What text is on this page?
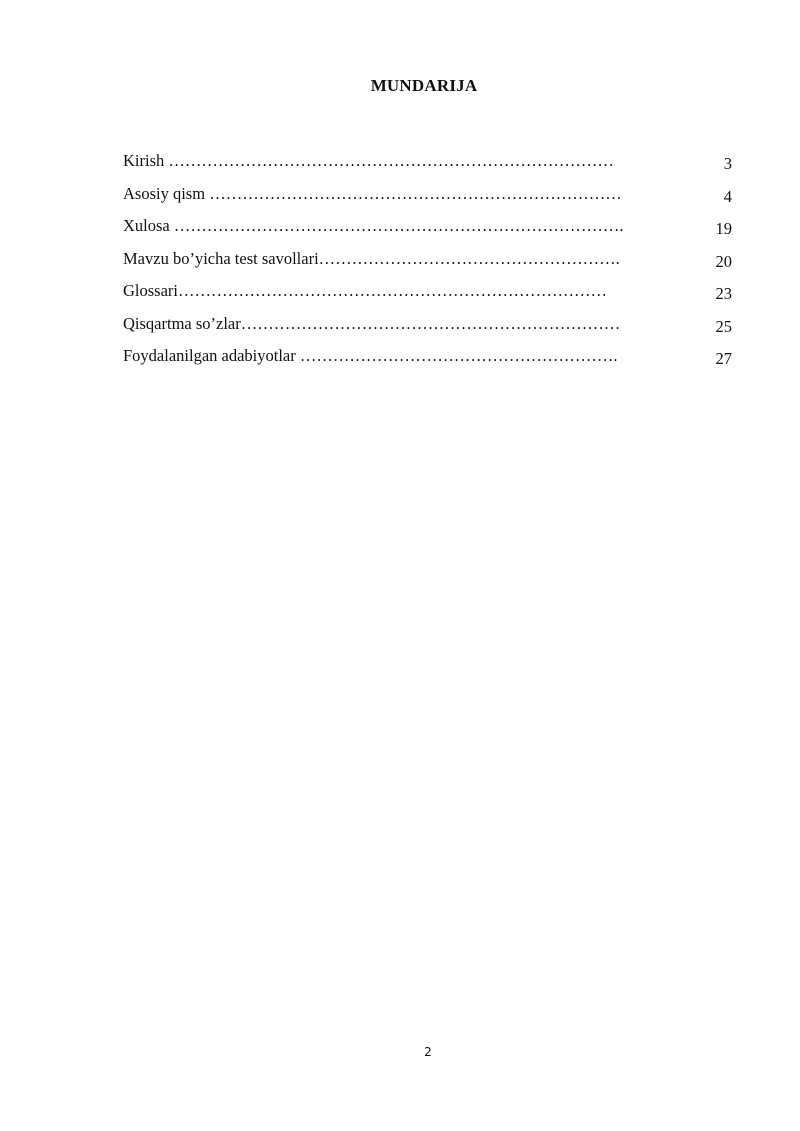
MUNDARIJA
Kirish ………………………………………………………………………	3
Asosiy qism …………………………………………………………………	4
Xulosa ……………………………………………………………………….	19
Mavzu bo’yicha test savollari……………………………………………….	20
Glossari……………………………………………………………………	23
Qisqartma so’zlar……………………………………………………………	25
Foydalanilgan adabiyotlar ………………………………………………….	27
2
